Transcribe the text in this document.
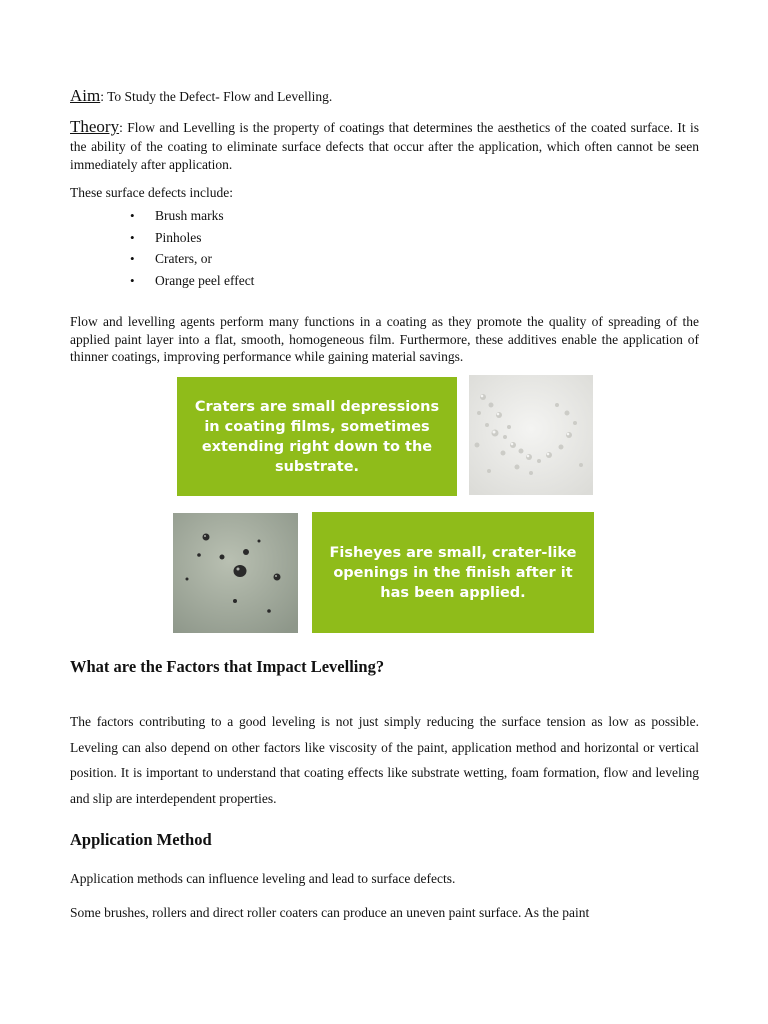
Aim: To Study the Defect- Flow and Levelling.
Theory: Flow and Levelling is the property of coatings that determines the aesthetics of the coated surface. It is the ability of the coating to eliminate surface defects that occur after the application, which often cannot be seen immediately after application.
These surface defects include:
• Brush marks
• Pinholes
• Craters, or
• Orange peel effect
Flow and levelling agents perform many functions in a coating as they promote the quality of spreading of the applied paint layer into a flat, smooth, homogeneous film. Furthermore, these additives enable the application of thinner coatings, improving performance while gaining material savings.
What are the Factors that Impact Levelling?
The factors contributing to a good leveling is not just simply reducing the surface tension as low as possible. Leveling can also depend on other factors like viscosity of the paint, application method and horizontal or vertical position. It is important to understand that coating effects like substrate wetting, foam formation, flow and leveling and slip are interdependent properties.
Application Method
Application methods can influence leveling and lead to surface defects.
Some brushes, rollers and direct roller coaters can produce an uneven paint surface. As the paint
Craters are small depressions in coating films, sometimes extending right down to the substrate.
Fisheyes are small, crater-like openings in the finish after it has been applied.
